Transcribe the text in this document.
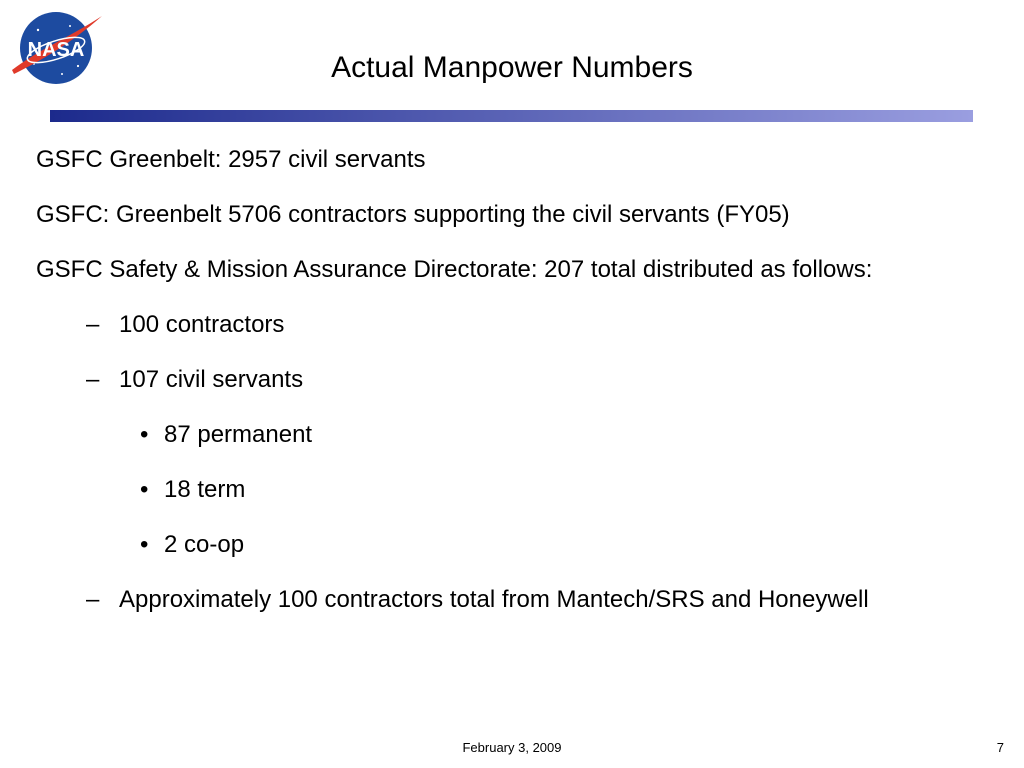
NASA
Actual Manpower Numbers

GSFC Greenbelt: 2957 civil servants

GSFC: Greenbelt 5706 contractors supporting the civil servants (FY05)

GSFC Safety & Mission Assurance Directorate: 207 total distributed as follows:

– 100 contractors
– 107 civil servants
• 87 permanent
• 18 term
• 2 co-op
– Approximately 100 contractors total from Mantech/SRS and Honeywell
February 3, 2009	7
